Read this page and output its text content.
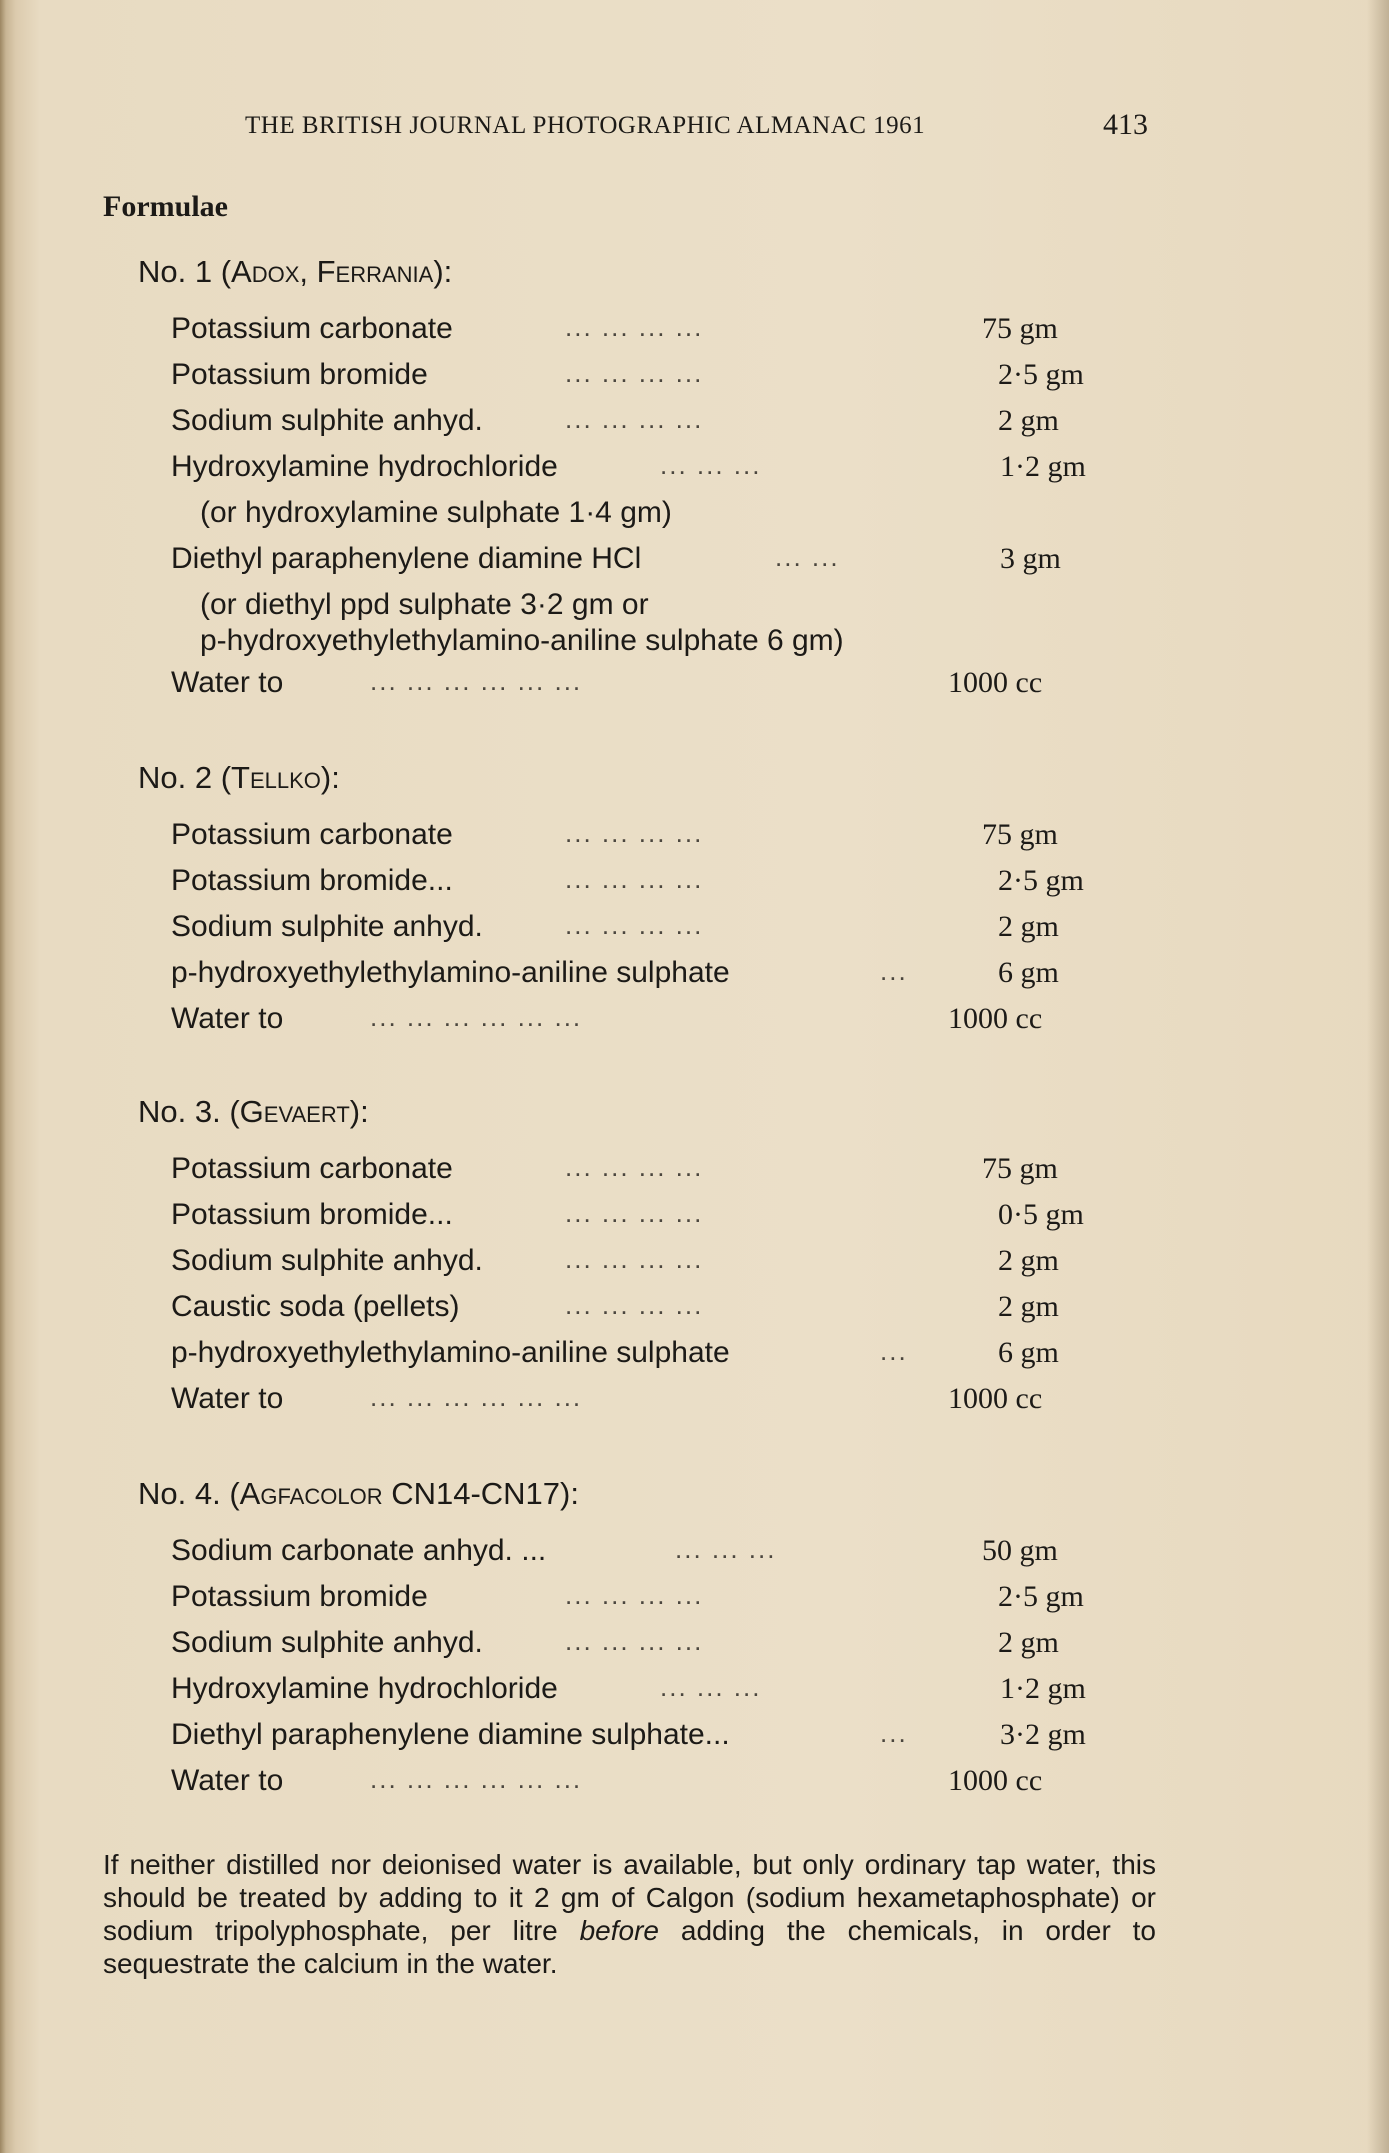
THE BRITISH JOURNAL PHOTOGRAPHIC ALMANAC 1961	413
Formulae
No. 1 (Adox, Ferrania):
Potassium carbonate	... ... ... ...	75 gm
Potassium bromide	... ... ... ...	2·5 gm
Sodium sulphite anhyd.	... ... ... ...	2 gm
Hydroxylamine hydrochloride	... ... ...	1·2 gm
(or hydroxylamine sulphate 1·4 gm)
Diethyl paraphenylene diamine HCl	... ...	3 gm
(or diethyl ppd sulphate 3·2 gm or
p-hydroxyethylethylamino-aniline sulphate 6 gm)
Water to	... ... ... ... ... ...	1000 cc
No. 2 (Tellko):
Potassium carbonate	... ... ... ...	75 gm
Potassium bromide...	... ... ... ...	2·5 gm
Sodium sulphite anhyd.	... ... ... ...	2 gm
p-hydroxyethylethylamino-aniline sulphate	...	6 gm
Water to	... ... ... ... ... ...	1000 cc
No. 3. (Gevaert):
Potassium carbonate	... ... ... ...	75 gm
Potassium bromide...	... ... ... ...	0·5 gm
Sodium sulphite anhyd.	... ... ... ...	2 gm
Caustic soda (pellets)	... ... ... ...	2 gm
p-hydroxyethylethylamino-aniline sulphate	...	6 gm
Water to	... ... ... ... ... ...	1000 cc
No. 4. (Agfacolor CN14-CN17):
Sodium carbonate anhyd. ...	... ... ...	50 gm
Potassium bromide	... ... ... ...	2·5 gm
Sodium sulphite anhyd.	... ... ... ...	2 gm
Hydroxylamine hydrochloride	... ... ...	1·2 gm
Diethyl paraphenylene diamine sulphate...	...	3·2 gm
Water to	... ... ... ... ... ...	1000 cc
If neither distilled nor deionised water is available, but only ordinary tap water, this should be treated by adding to it 2 gm of Calgon (sodium hexametaphosphate) or sodium tripolyphosphate, per litre before adding the chemicals, in order to sequestrate the calcium in the water.
